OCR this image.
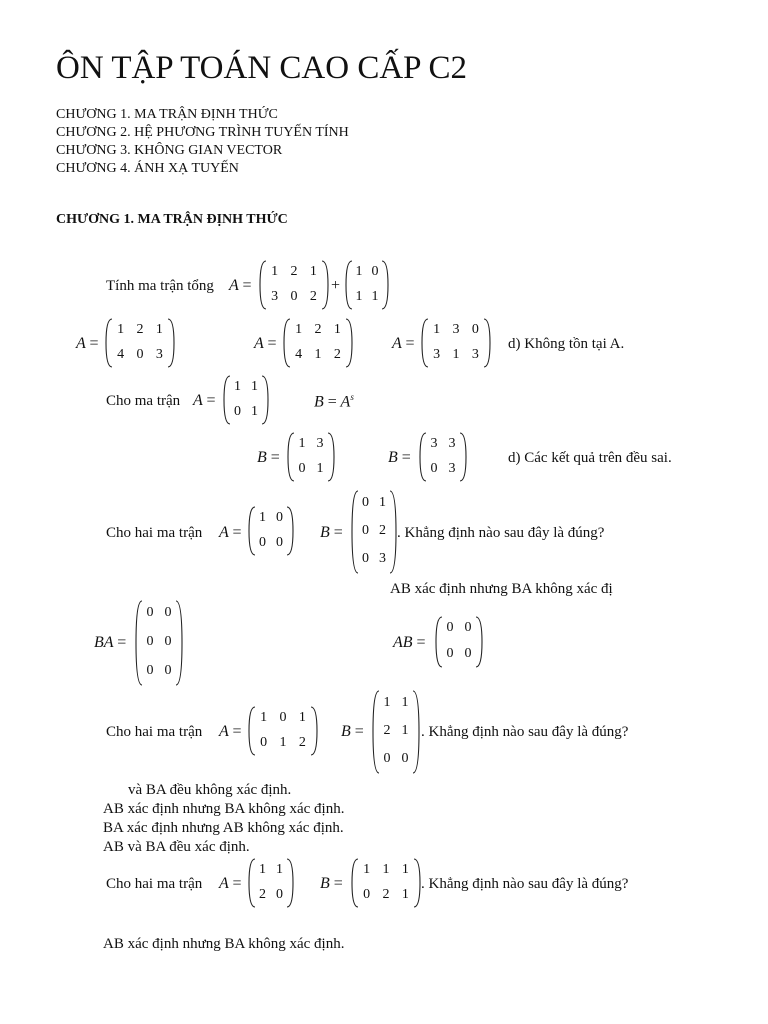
ÔN TẬP TOÁN CAO CẤP C2
CHƯƠNG 1. MA TRẬN ĐỊNH THỨC
CHƯƠNG 2. HỆ PHƯƠNG TRÌNH TUYẾN TÍNH
CHƯƠNG 3. KHÔNG GIAN VECTOR
CHƯƠNG 4. ÁNH XẠ TUYẾN
CHƯƠNG 1. MA TRẬN ĐỊNH THỨC
Tính ma trận tổng A =
1 2 1
3 0 2
+
1 0
1 1
A =
1 2 1
4 0 3
A =
1 2 1
4 1 2
A =
1 3 0
3 1 3
d) Không tồn tại A.
Cho ma trận A =
1 1
0 1
$B = A^s$
B =
1 3
0 1
B =
3 3
0 3
d) Các kết quả trên đều sai.
Cho hai ma trận A =
1 0
0 0
B =
0 1
0 2
0 3
. Khẳng định nào sau đây là đúng?
AB xác định nhưng BA không xác đị
BA =
0 0
0 0
0 0
AB =
0 0
0 0
Cho hai ma trận A =
1 0 1
0 1 2
B =
1 1
2 1
0 0
. Khẳng định nào sau đây là đúng?
và BA đều không xác định.
AB xác định nhưng BA không xác định.
BA xác định nhưng AB không xác định.
AB và BA đều xác định.
Cho hai ma trận A =
1 1
2 0
B =
1 1 1
0 2 1
. Khẳng định nào sau đây là đúng?
AB xác định nhưng BA không xác định.
